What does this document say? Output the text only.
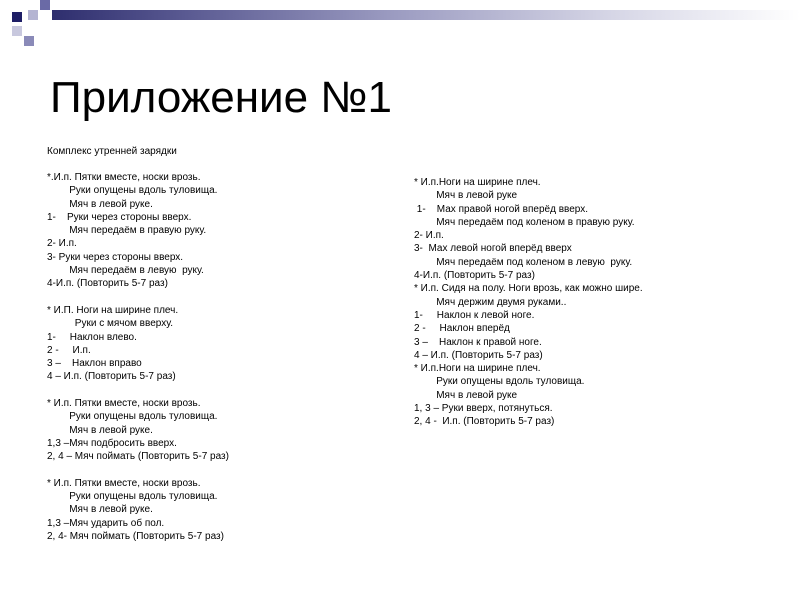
Приложение №1
Комплекс утренней зарядки
*.И.п. Пятки вместе, носки врозь.
Руки опущены вдоль туловища.
Мяч в левой руке.
1-    Руки через стороны вверх.
Мяч передаём в правую руку.
2- И.п.
3- Руки через стороны вверх.
Мяч передаём в левую  руку.
4-И.п. (Повторить 5-7 раз)
* И.П. Ноги на ширине плеч.
Руки с мячом вверху.
1-     Наклон влево.
2 -     И.п.
3 –    Наклон вправо
4 – И.п. (Повторить 5-7 раз)
* И.п. Пятки вместе, носки врозь.
Руки опущены вдоль туловища.
Мяч в левой руке.
1,3 –Мяч подбросить вверх.
2, 4 – Мяч поймать (Повторить 5-7 раз)
* И.п. Пятки вместе, носки врозь.
Руки опущены вдоль туловища.
Мяч в левой руке.
1,3 –Мяч ударить об пол.
2, 4- Мяч поймать (Повторить 5-7 раз)
* И.п.Ноги на ширине плеч.
Мяч в левой руке
1-    Мах правой ногой вперёд вверх.
Мяч передаём под коленом в правую руку.
2- И.п.
3-  Мах левой ногой вперёд вверх
Мяч передаём под коленом в левую  руку.
4-И.п. (Повторить 5-7 раз)
* И.п. Сидя на полу. Ноги врозь, как можно шире.
Мяч держим двумя руками..
1-     Наклон к левой ноге.
2 -     Наклон вперёд
3 –    Наклон к правой ноге.
4 – И.п. (Повторить 5-7 раз)
* И.п.Ноги на ширине плеч.
Руки опущены вдоль туловища.
Мяч в левой руке
1, 3 – Руки вверх, потянуться.
2, 4 -  И.п. (Повторить 5-7 раз)
